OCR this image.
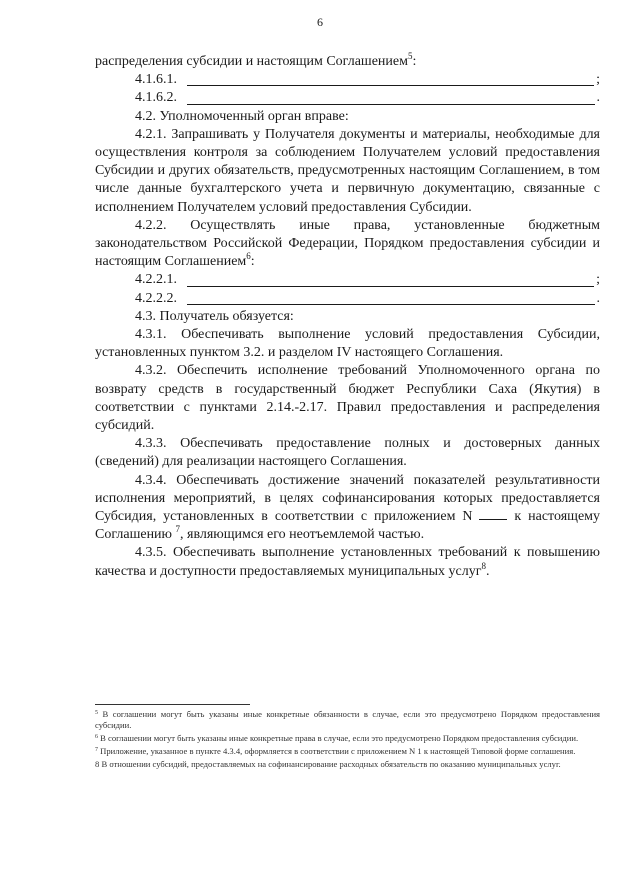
6

распределения субсидии и настоящим Соглашением$^5$:

4.1.6.1.	;
4.1.6.2.	.

4.2. Уполномоченный орган вправе:

4.2.1. Запрашивать у Получателя документы и материалы, необходимые для осуществления контроля за соблюдением Получателем условий предоставления Субсидии и других обязательств, предусмотренных настоящим Соглашением, в том числе данные бухгалтерского учета и первичную документацию, связанные с исполнением Получателем условий предоставления Субсидии.

4.2.2. Осуществлять иные права, установленные бюджетным законодательством Российской Федерации, Порядком предоставления субсидии и настоящим Соглашением$^6$:

4.2.2.1.	;
4.2.2.2.	.

4.3. Получатель обязуется:

4.3.1. Обеспечивать выполнение условий предоставления Субсидии, установленных пунктом 3.2. и разделом IV настоящего Соглашения.

4.3.2. Обеспечить исполнение требований Уполномоченного органа по возврату средств в государственный бюджет Республики Саха (Якутия) в соответствии с пунктами 2.14.-2.17. Правил предоставления и распределения субсидий.

4.3.3. Обеспечивать предоставление полных и достоверных данных (сведений) для реализации настоящего Соглашения.

4.3.4. Обеспечивать достижение значений показателей результативности исполнения мероприятий, в целях софинансирования которых предоставляется Субсидия, установленных в соответствии с приложением N	к настоящему Соглашению $^7$, являющимся его неотъемлемой частью.

4.3.5. Обеспечивать выполнение установленных требований к повышению качества и доступности предоставляемых муниципальных услуг$^8$.

$^5$ В соглашении могут быть указаны иные конкретные обязанности в случае, если это предусмотрено Порядком предоставления субсидии.

$^6$ В соглашении могут быть указаны иные конкретные права в случае, если это предусмотрено Порядком предоставления субсидии.

$^7$ Приложение, указанное в пункте 4.3.4, оформляется в соответствии с приложением N 1 к настоящей Типовой форме соглашения.

8 В отношении субсидий, предоставляемых на софинансирование расходных обязательств по оказанию муниципальных услуг.
